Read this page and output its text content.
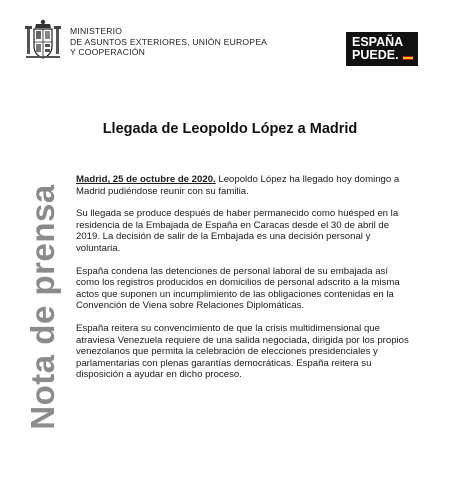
MINISTERIO
DE ASUNTOS EXTERIORES, UNIÓN EUROPEA
Y COOPERACIÓN
ESPAÑA
PUEDE.
Llegada de Leopoldo López a Madrid
Nota de prensa

Madrid, 25 de octubre de 2020. Leopoldo López ha llegado hoy domingo a Madrid pudiéndose reunir con su familia.

Su llegada se produce después de haber permanecido como huésped en la residencia de la Embajada de España en Caracas desde el 30 de abril de 2019. La decisión de salir de la Embajada es una decisión personal y voluntaria.

España condena las detenciones de personal laboral de su embajada así como los registros producidos en domicilios de personal adscrito a la misma actos que suponen un incumplimiento de las obligaciones contenidas en la Convención de Viena sobre Relaciones Diplomáticas.

España reitera su convencimiento de que la crisis multidimensional que atraviesa Venezuela requiere de una salida negociada, dirigida por los propios venezolanos que permita la celebración de elecciones presidenciales y parlamentarias con plenas garantías democráticas. España reitera su disposición a ayudar en dicho proceso.
